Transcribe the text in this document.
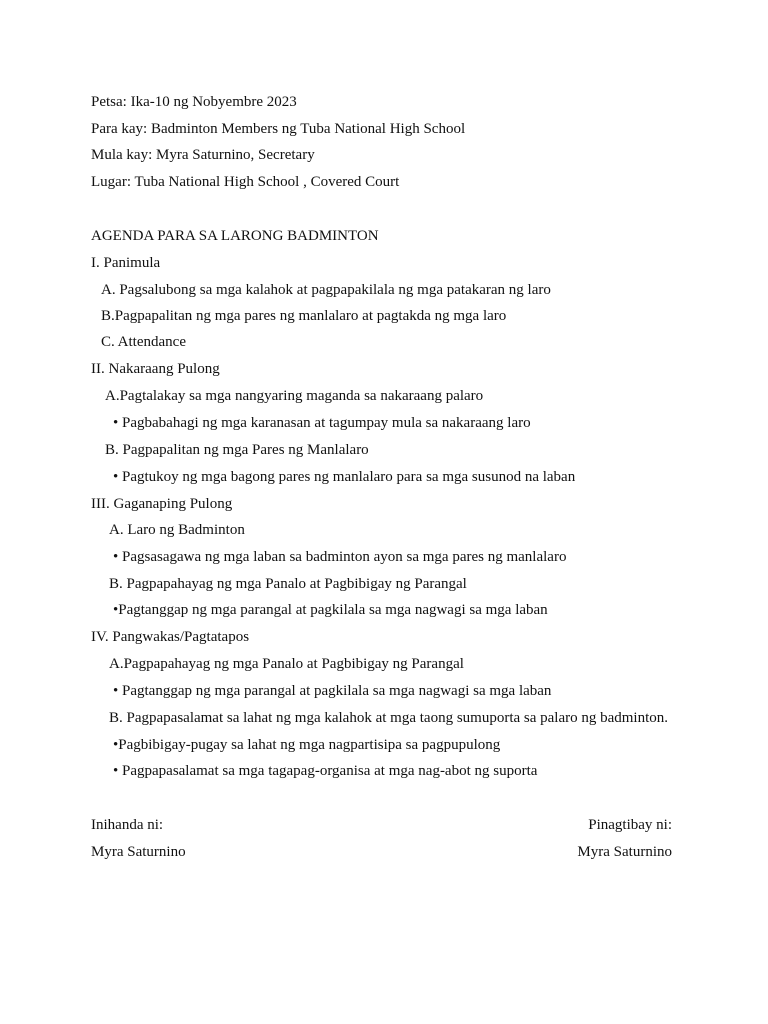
Petsa: Ika-10 ng Nobyembre 2023
Para kay: Badminton Members ng Tuba National High School
Mula kay: Myra Saturnino, Secretary
Lugar: Tuba National High School , Covered Court
AGENDA PARA SA LARONG BADMINTON
I. Panimula
A. Pagsalubong sa mga kalahok at pagpapakilala ng mga patakaran ng laro
B.Pagpapalitan ng mga pares ng manlalaro at pagtakda ng mga laro
C. Attendance
II. Nakaraang Pulong
A.Pagtalakay sa mga nangyaring maganda sa nakaraang palaro
• Pagbabahagi ng mga karanasan at tagumpay mula sa nakaraang laro
B. Pagpapalitan ng mga Pares ng Manlalaro
• Pagtukoy ng mga bagong pares ng manlalaro para sa mga susunod na laban
III. Gaganaping Pulong
A. Laro ng Badminton
• Pagsasagawa ng mga laban sa badminton ayon sa mga pares ng manlalaro
B. Pagpapahayag ng mga Panalo at Pagbibigay ng Parangal
•Pagtanggap ng mga parangal at pagkilala sa mga nagwagi sa mga laban
IV. Pangwakas/Pagtatapos
A.Pagpapahayag ng mga Panalo at Pagbibigay ng Parangal
• Pagtanggap ng mga parangal at pagkilala sa mga nagwagi sa mga laban
B. Pagpapasalamat sa lahat ng mga kalahok at mga taong sumuporta sa palaro ng badminton.
•Pagbibigay-pugay sa lahat ng mga nagpartisipa sa pagpupulong
• Pagpapasalamat sa mga tagapag-organisa at mga nag-abot ng suporta
Inihanda ni:
Myra Saturnino
Pinagtibay ni:
Myra Saturnino
